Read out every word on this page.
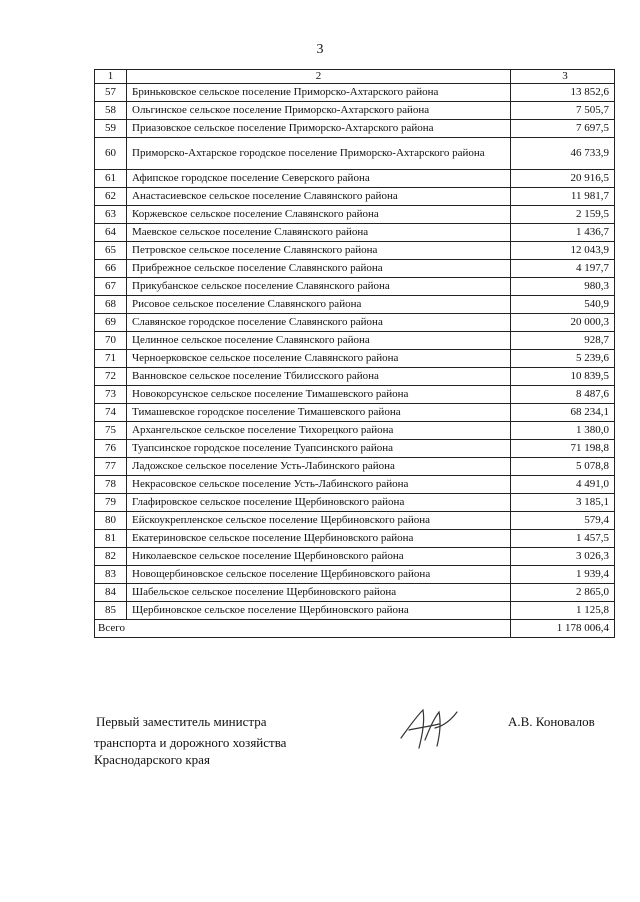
3
1	2	3
57	Бриньковское сельское поселение Приморско-Ахтарского района	13 852,6
58	Ольгинское сельское поселение Приморско-Ахтарского района	7 505,7
59	Приазовское сельское поселение Приморско-Ахтарского района	7 697,5
60	Приморско-Ахтарское городское поселение Приморско-Ахтарского района	46 733,9
61	Афипское городское поселение Северского района	20 916,5
62	Анастасиевское сельское поселение Славянского района	11 981,7
63	Коржевское сельское поселение Славянского района	2 159,5
64	Маевское сельское поселение Славянского района	1 436,7
65	Петровское сельское поселение Славянского района	12 043,9
66	Прибрежное сельское поселение Славянского района	4 197,7
67	Прикубанское сельское поселение Славянского района	980,3
68	Рисовое сельское поселение Славянского района	540,9
69	Славянское городское поселение Славянского района	20 000,3
70	Целинное сельское поселение Славянского района	928,7
71	Черноерковское сельское поселение Славянского района	5 239,6
72	Ванновское сельское поселение Тбилисского района	10 839,5
73	Новокорсунское сельское поселение Тимашевского района	8 487,6
74	Тимашевское городское поселение Тимашевского района	68 234,1
75	Архангельское сельское поселение Тихорецкого района	1 380,0
76	Туапсинское городское поселение Туапсинского района	71 198,8
77	Ладожское сельское поселение Усть-Лабинского района	5 078,8
78	Некрасовское сельское поселение Усть-Лабинского района	4 491,0
79	Глафировское сельское поселение Щербиновского района	3 185,1
80	Ейскоукрепленское сельское поселение Щербиновского района	579,4
81	Екатериновское сельское поселение Щербиновского района	1 457,5
82	Николаевское сельское поселение Щербиновского района	3 026,3
83	Новощербиновское сельское поселение Щербиновского района	1 939,4
84	Шабельское сельское поселение Щербиновского района	2 865,0
85	Щербиновское сельское поселение Щербиновского района	1 125,8
Всего		1 178 006,4
Первый заместитель министра
транспорта и дорожного хозяйства
Краснодарского края
А.В. Коновалов
